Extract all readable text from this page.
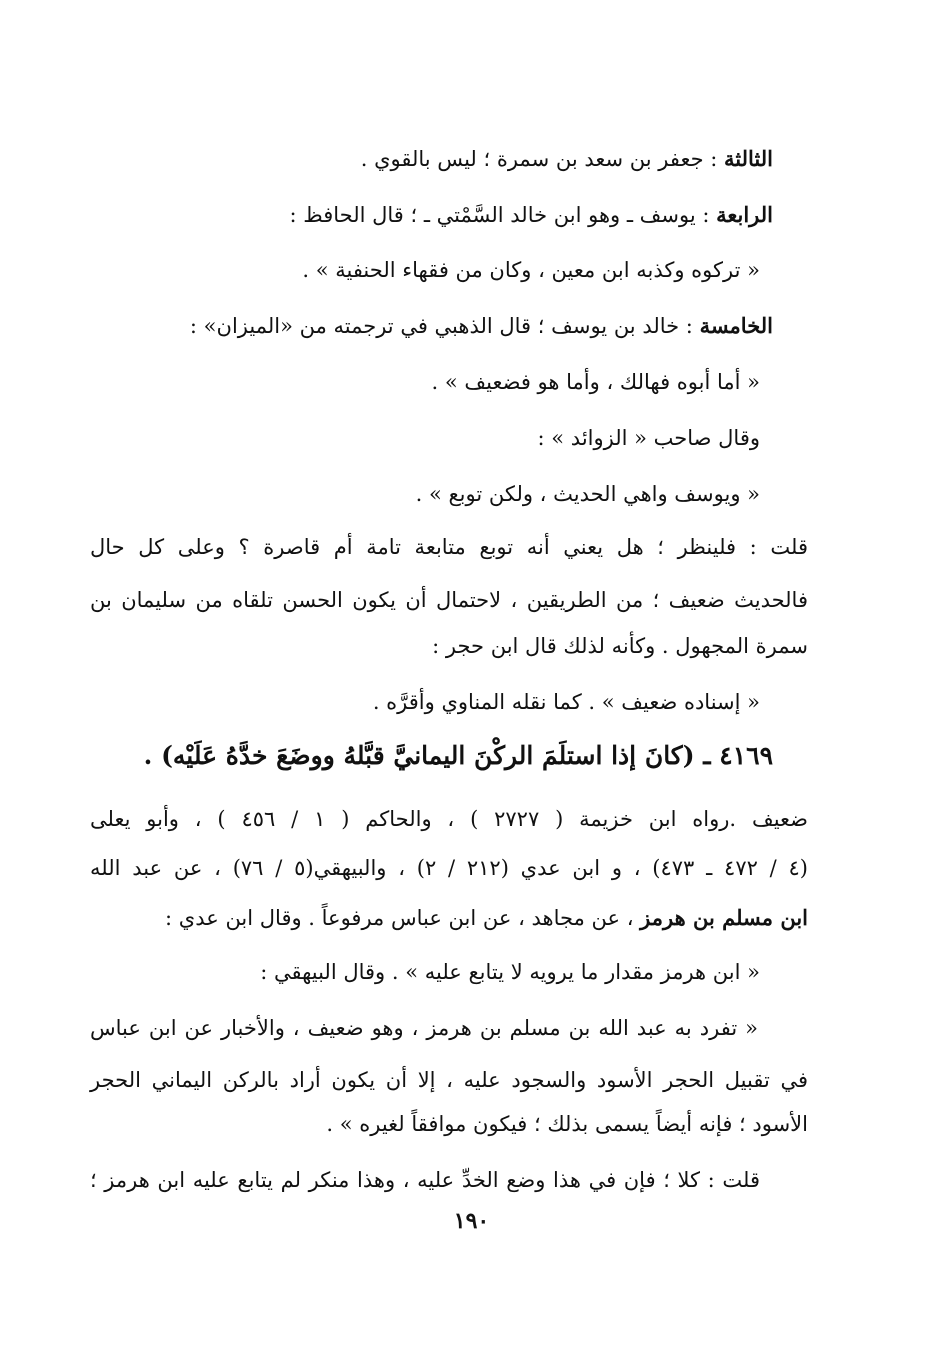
الثالثة : جعفر بن سعد بن سمرة ؛ ليس بالقوي .
الرابعة : يوسف ـ وهو ابن خالد السَّمْتي ـ ؛ قال الحافظ :
« تركوه وكذبه ابن معين ، وكان من فقهاء الحنفية » .
الخامسة : خالد بن يوسف ؛ قال الذهبي في ترجمته من «الميزان» :
« أما أبوه فهالك ، وأما هو فضعيف » .
وقال صاحب « الزوائد » :
« ويوسف واهي الحديث ، ولكن توبع » .
قلت : فلينظر ؛ هل يعني أنه توبع متابعة تامة أم قاصرة ؟ وعلى كل حال
فالحديث ضعيف ؛ من الطريقين ، لاحتمال أن يكون الحسن تلقاه من سليمان بن
سمرة المجهول . وكأنه لذلك قال ابن حجر :
« إسناده ضعيف » . كما نقله المناوي وأقرَّه .
٤١٦٩ ـ (كانَ إذا استلَمَ الركْنَ اليمانيَّ قبَّلهُ ووضَعَ خدَّهُ عَلَيْه) .
ضعيف .رواه ابن خزيمة ( ٢٧٢٧ ) ، والحاكم ( ١ / ٤٥٦ ) ، وأبو يعلى
(٤ / ٤٧٢ ـ ٤٧٣) ، و ابن عدي (٢١٢ / ٢) ، والبيهقي(٥ / ٧٦) ، عن عبد الله
ابن مسلم بن هرمز ، عن مجاهد ، عن ابن عباس مرفوعاً . وقال ابن عدي :
« ابن هرمز مقدار ما يرويه لا يتابع عليه » . وقال البيهقي :
« تفرد به عبد الله بن مسلم بن هرمز ، وهو ضعيف ، والأخبار عن ابن عباس
في تقبيل الحجر الأسود والسجود عليه ، إلا أن يكون أراد بالركن اليماني الحجر
الأسود ؛ فإنه أيضاً يسمى بذلك ؛ فيكون موافقاً لغيره » .
قلت : كلا ؛ فإن في هذا وضع الخدِّ عليه ، وهذا منكر لم يتابع عليه ابن هرمز ؛
١٩٠
